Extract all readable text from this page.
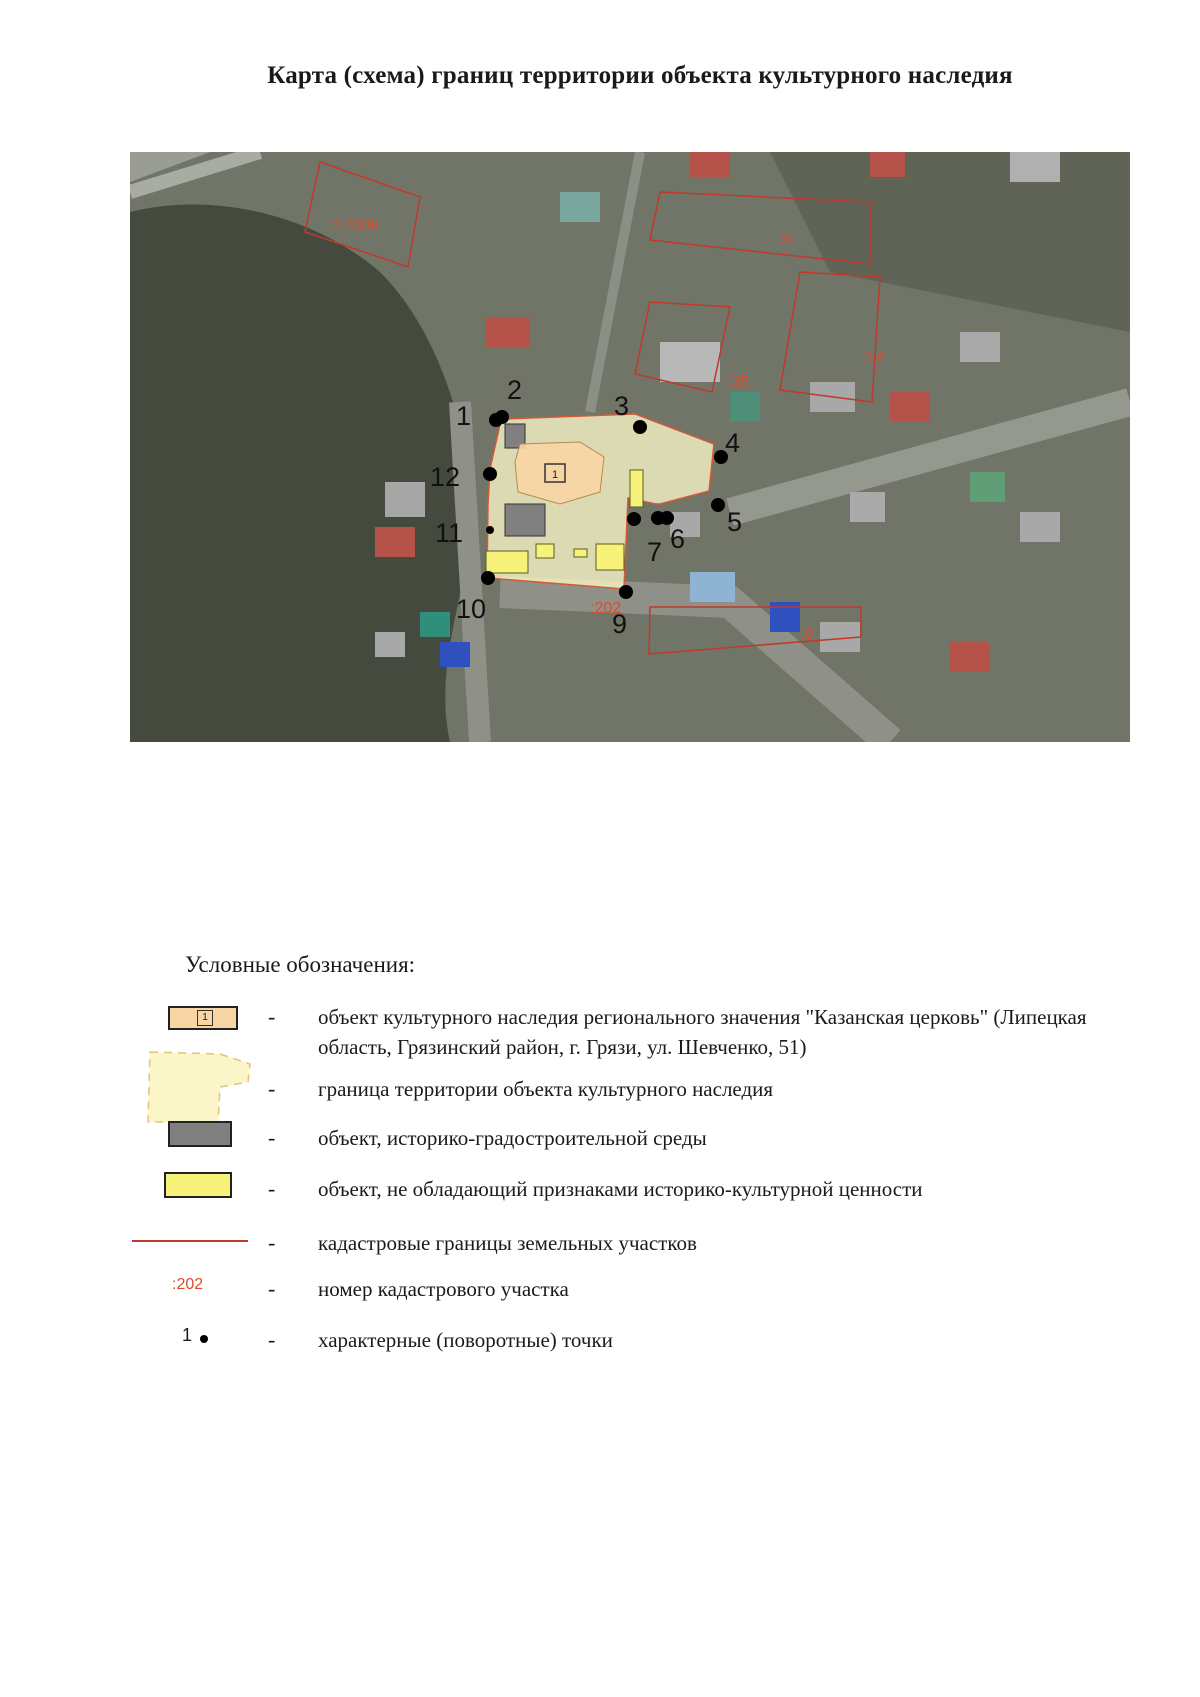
Карта (схема) границ территории объекта культурного наследия
1
1
2
3
4
5
6
7
9
10
11
12
:17008
:6
:14
:35
:202
:9
Условные обозначения:
1	- объект культурного наследия регионального значения "Казанская церковь" (Липецкая область, Грязинский район, г. Грязи, ул. Шевченко, 51)
- граница территории объекта культурного наследия
- объект, историко-градостроительной среды
- объект, не обладающий признаками историко-культурной ценности
- кадастровые границы земельных участков
:202	- номер кадастрового участка
1	- характерные (поворотные) точки
